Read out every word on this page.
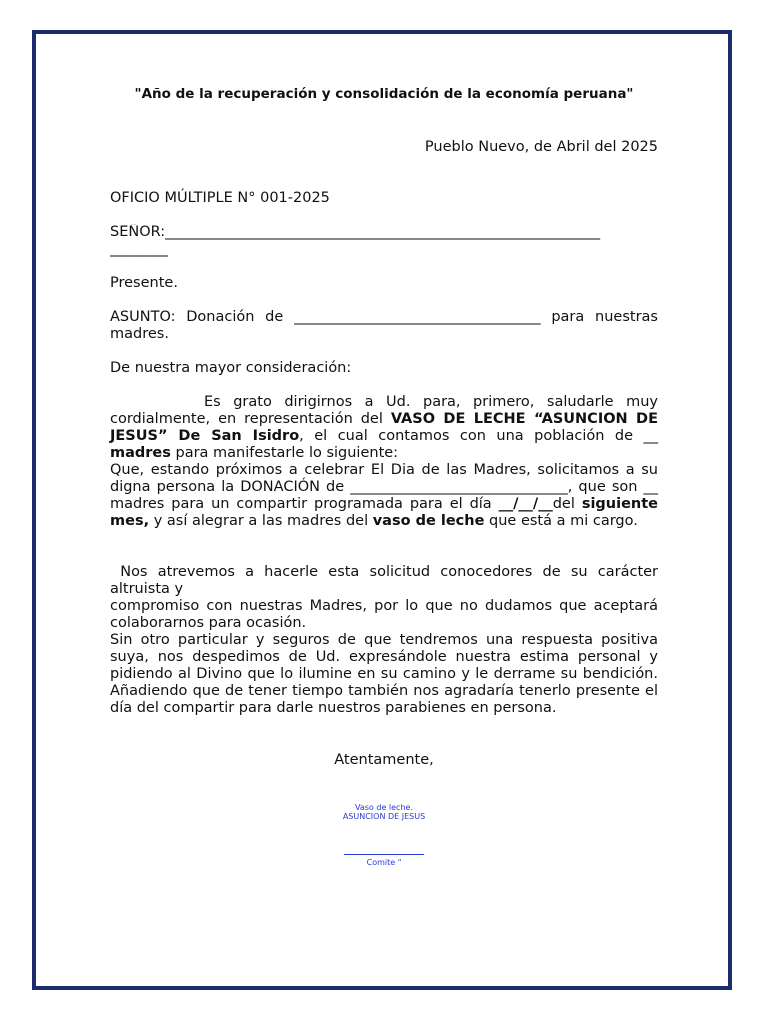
"Año de la recuperación y consolidación de la economía peruana"

Pueblo Nuevo, de Abril del 2025

OFICIO MÚLTIPLE N° 001-2025

SEÑOR:____________________________________________________________
________

Presente.

ASUNTO: Donación de __________________________________ para nuestras madres.

De nuestra mayor consideración:

Es grato dirigirnos a Ud. para, primero, saludarle muy cordialmente, en representación del VASO DE LECHE “ASUNCION DE JESUS” De San Isidro, el cual contamos con una población de __ madres para manifestarle lo siguiente:

Que, estando próximos a celebrar El Dia de las Madres, solicitamos a su digna persona la DONACIÓN de ______________________________, que son __ madres para un compartir programada para el día __/__/__del siguiente mes, y así alegrar a las madres del vaso de leche que está a mi cargo.

Nos atrevemos a hacerle esta solicitud conocedores de su carácter altruista y

compromiso con nuestras Madres, por lo que no dudamos que aceptará colaborarnos para ocasión.

Sin otro particular y seguros de que tendremos una respuesta positiva suya, nos despedimos de Ud. expresándole nuestra estima personal y pidiendo al Divino que lo ilumine en su camino y le derrame su bendición. Añadiendo que de tener tiempo también nos agradaría tenerlo presente el día del compartir para darle nuestros parabienes en persona.

Atentamente,

Vaso de leche.
ASUNCION DE JESUS
Comite "
